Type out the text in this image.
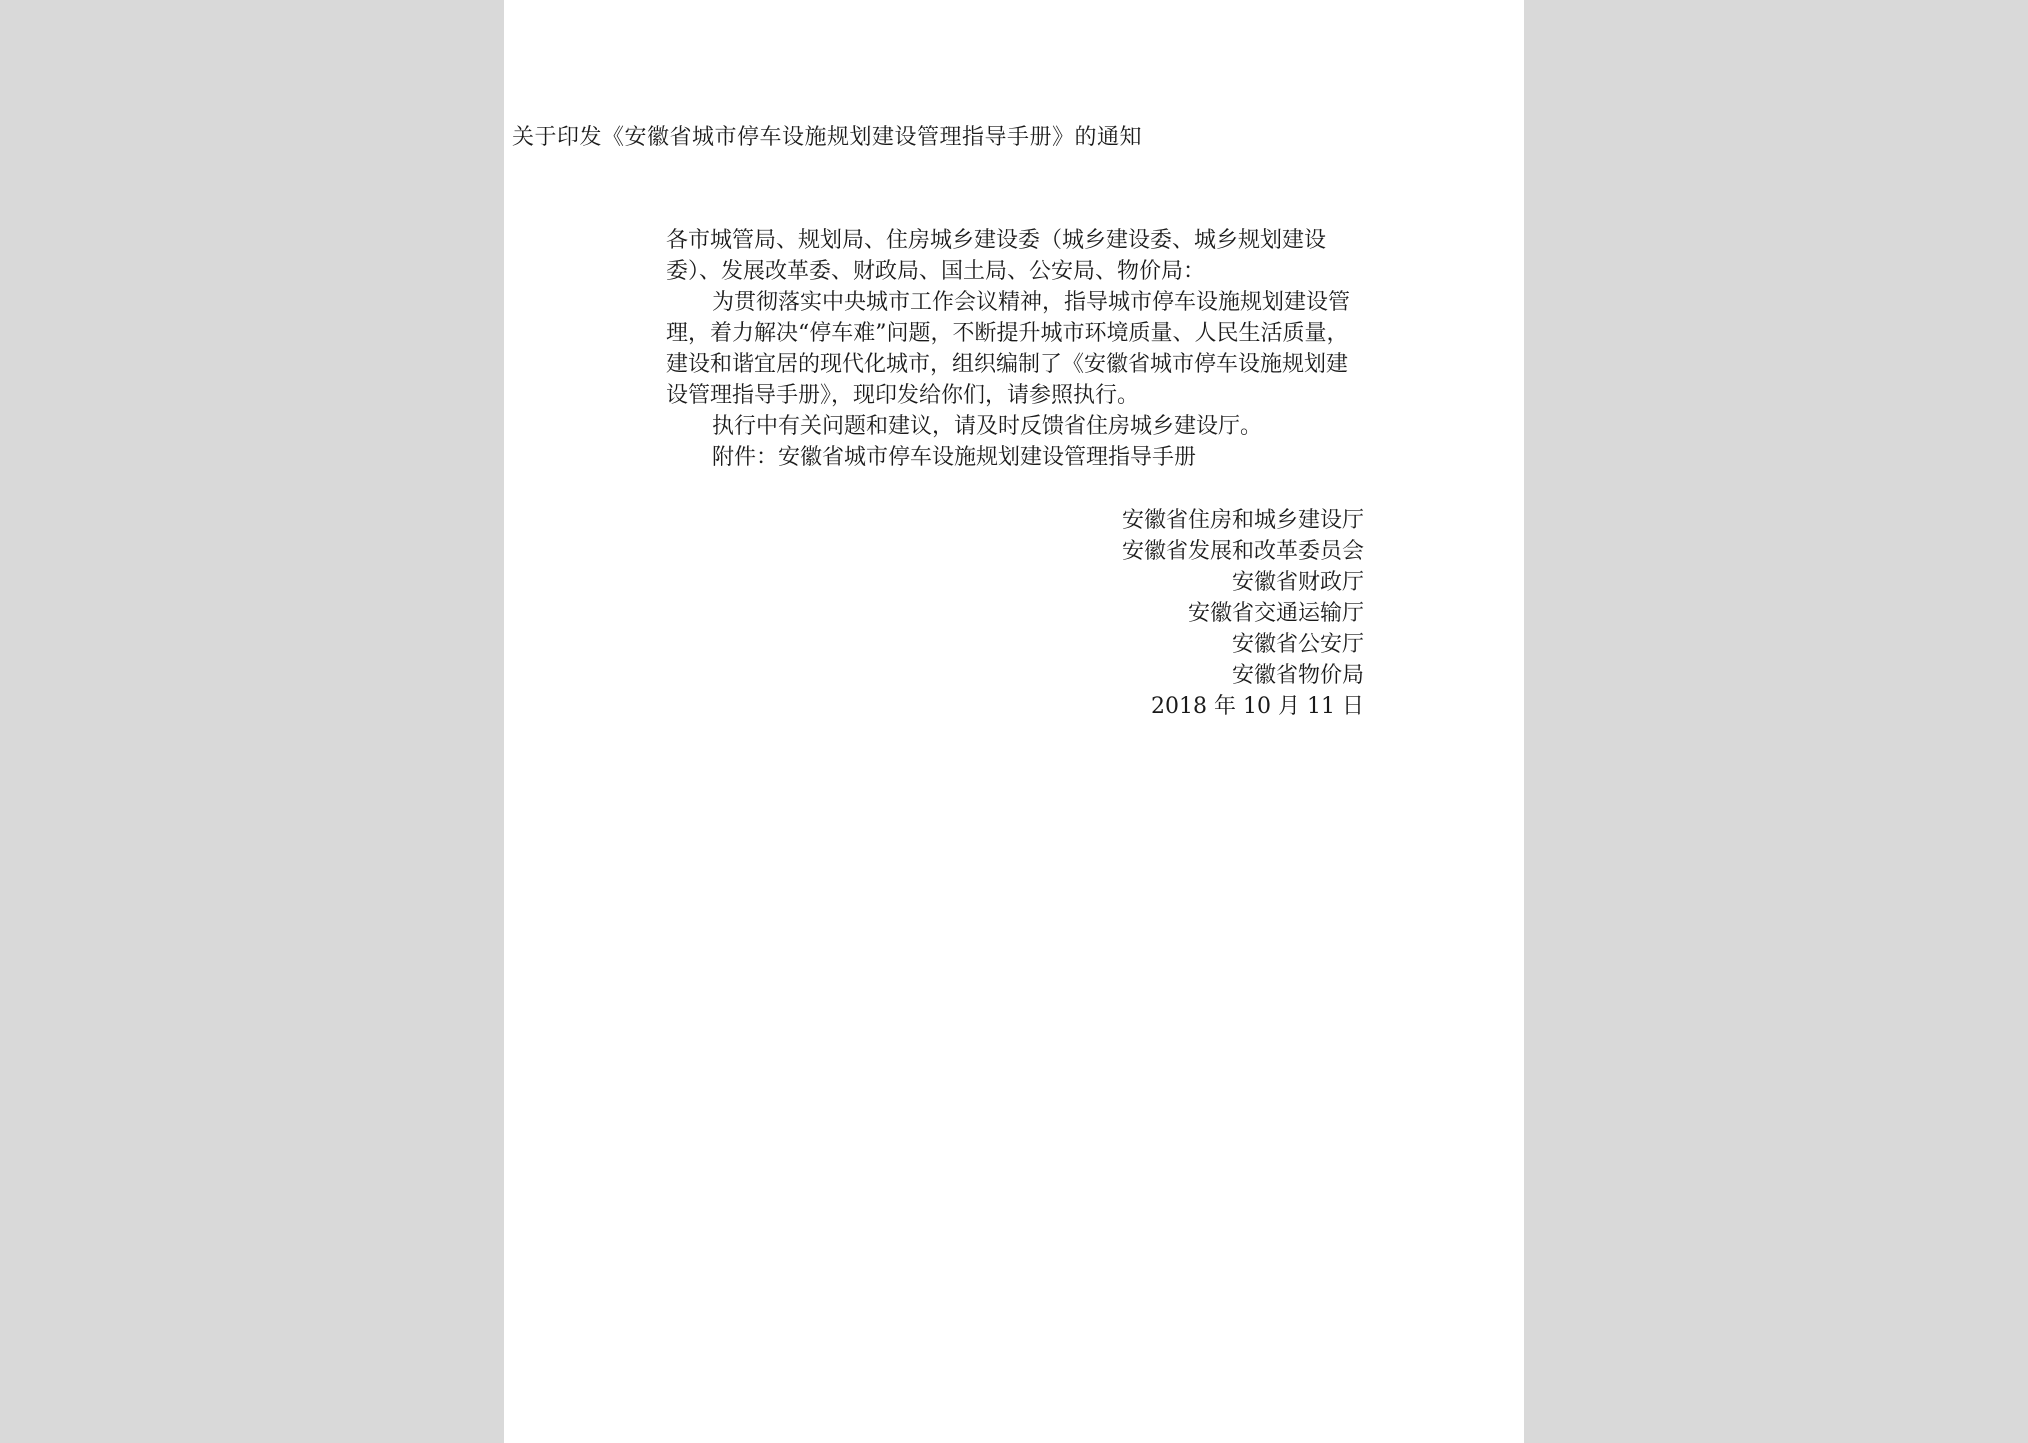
关于印发《安徽省城市停车设施规划建设管理指导手册》的通知

各市城管局、规划局、住房城乡建设委（城乡建设委、城乡规划建设委）、发展改革委、财政局、国土局、公安局、物价局：

为贯彻落实中央城市工作会议精神，指导城市停车设施规划建设管理，着力解决“停车难”问题，不断提升城市环境质量、人民生活质量，建设和谐宜居的现代化城市，组织编制了《安徽省城市停车设施规划建设管理指导手册》，现印发给你们，请参照执行。

执行中有关问题和建议，请及时反馈省住房城乡建设厅。

附件：安徽省城市停车设施规划建设管理指导手册

安徽省住房和城乡建设厅
安徽省发展和改革委员会
安徽省财政厅
安徽省交通运输厅
安徽省公安厅
安徽省物价局
2018 年 10 月 11 日
